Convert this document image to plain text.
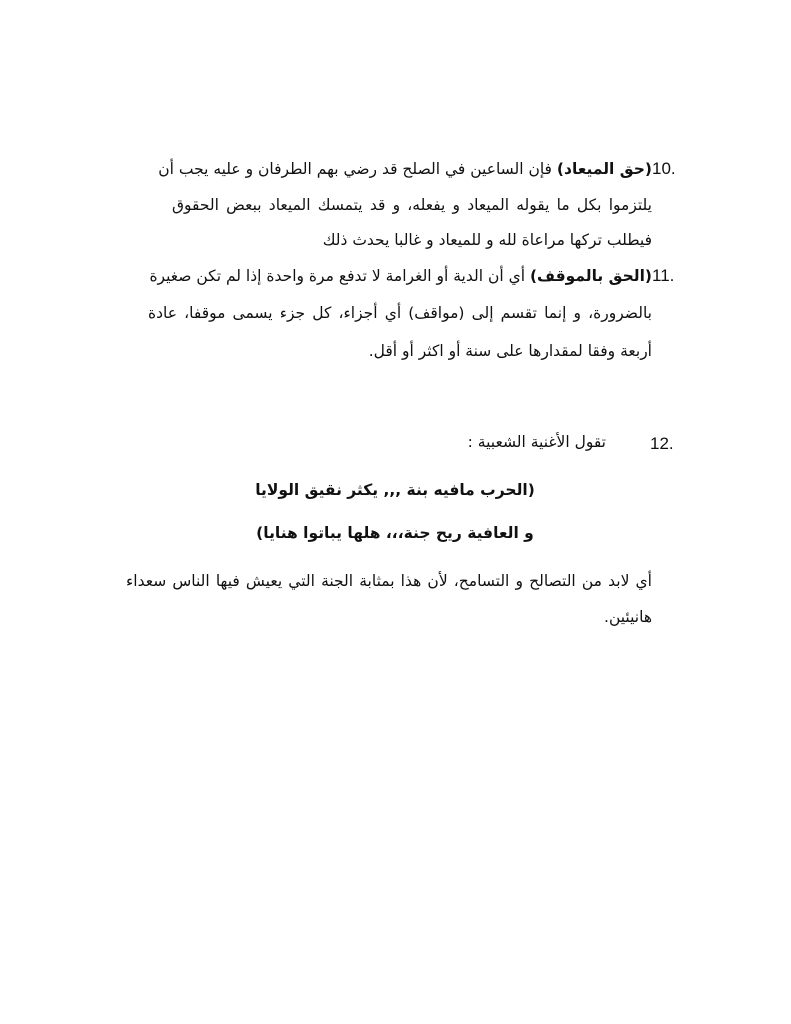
10.
(حق الميعاد) فإن الساعين في الصلح قد رضي بهم الطرفان و عليه يجب أن
يلتزموا بكل ما يقوله الميعاد و يفعله، و قد يتمسك الميعاد ببعض الحقوق
فيطلب تركها مراعاة لله و للميعاد و غالبا يحدث ذلك
11.
(الحق بالموقف) أي أن الدية أو الغرامة لا تدفع مرة واحدة إذا لم تكن صغيرة
بالضرورة، و إنما تقسم إلى (مواقف) أي أجزاء، كل جزء يسمى موقفا، عادة
أربعة وفقا لمقدارها على سنة أو اكثر أو أقل.
12.
تقول الأغنية الشعبية :
(الحرب مافيه بنة ,,, يكثر نقيق الولايا
و العافية ريح جنة،،، هلها يباتوا هنايا)
أي لابد من التصالح و التسامح، لأن هذا بمثابة الجنة التي يعيش فيها الناس سعداء
هانيئين.
